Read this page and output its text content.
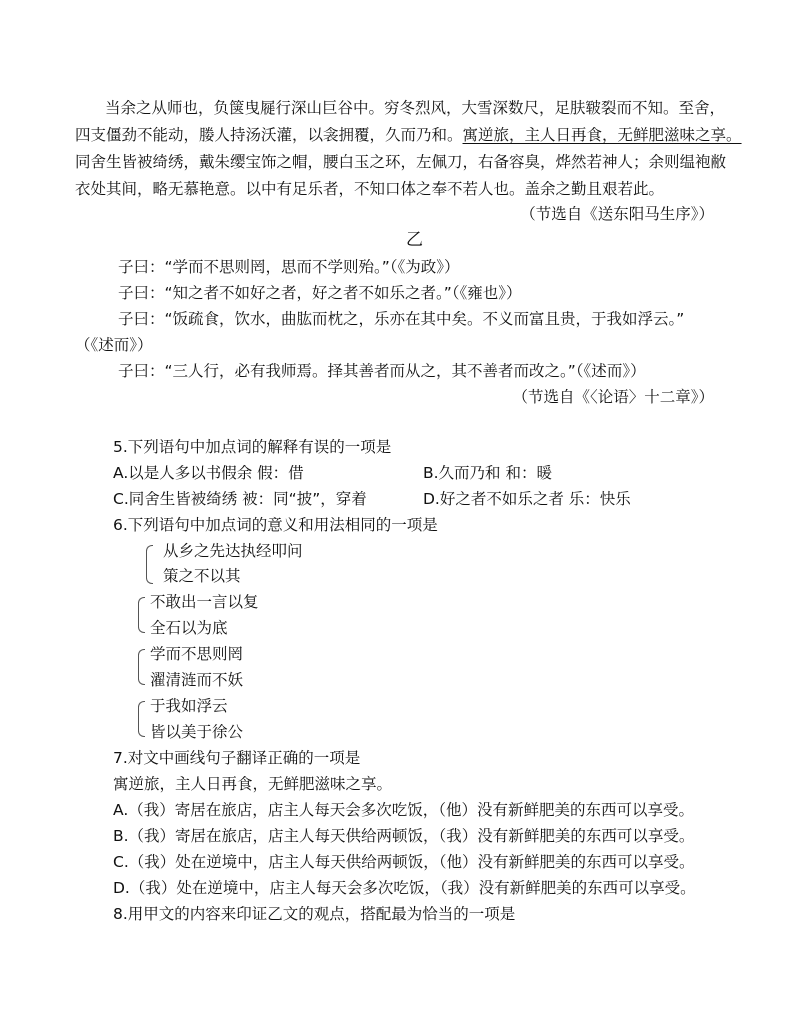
当余之从师也，负箧曳屣行深山巨谷中。穷冬烈风，大雪深数尺，足肤皲裂而不知。至舍，
四支僵劲不能动，媵人持汤沃灌，以衾拥覆，久而乃和。寓逆旅，主人日再食，无鲜肥滋味之享。
同舍生皆被绮绣，戴朱缨宝饰之帽，腰白玉之环，左佩刀，右备容臭，烨然若神人；余则缊袍敝
衣处其间，略无慕艳意。以中有足乐者，不知口体之奉不若人也。盖余之勤且艰若此。
（节选自《送东阳马生序》）
乙
子曰：“学而不思则罔，思而不学则殆。”（《为政》）
子曰：“知之者不如好之者，好之者不如乐之者。”（《雍也》）
子曰：“饭疏食，饮水，曲肱而枕之，乐亦在其中矣。不义而富且贵，于我如浮云。”
（《述而》）
子曰：“三人行，必有我师焉。择其善者而从之，其不善者而改之。”（《述而》）
（节选自《〈论语〉十二章》）
5.下列语句中加点词的解释有误的一项是
A.以是人多以书假余 假：借	B.久而乃和 和：暖
C.同舍生皆被绮绣 被：同“披”，穿着	D.好之者不如乐之者 乐：快乐
6.下列语句中加点词的意义和用法相同的一项是
从乡之先达执经叩问
策之不以其
不敢出一言以复
全石以为底
学而不思则罔
濯清涟而不妖
于我如浮云
皆以美于徐公
7.对文中画线句子翻译正确的一项是
寓逆旅，主人日再食，无鲜肥滋味之享。
A.（我）寄居在旅店，店主人每天会多次吃饭，（他）没有新鲜肥美的东西可以享受。
B.（我）寄居在旅店，店主人每天供给两顿饭，（我）没有新鲜肥美的东西可以享受。
C.（我）处在逆境中，店主人每天供给两顿饭，（他）没有新鲜肥美的东西可以享受。
D.（我）处在逆境中，店主人每天会多次吃饭，（我）没有新鲜肥美的东西可以享受。
8.用甲文的内容来印证乙文的观点，搭配最为恰当的一项是
